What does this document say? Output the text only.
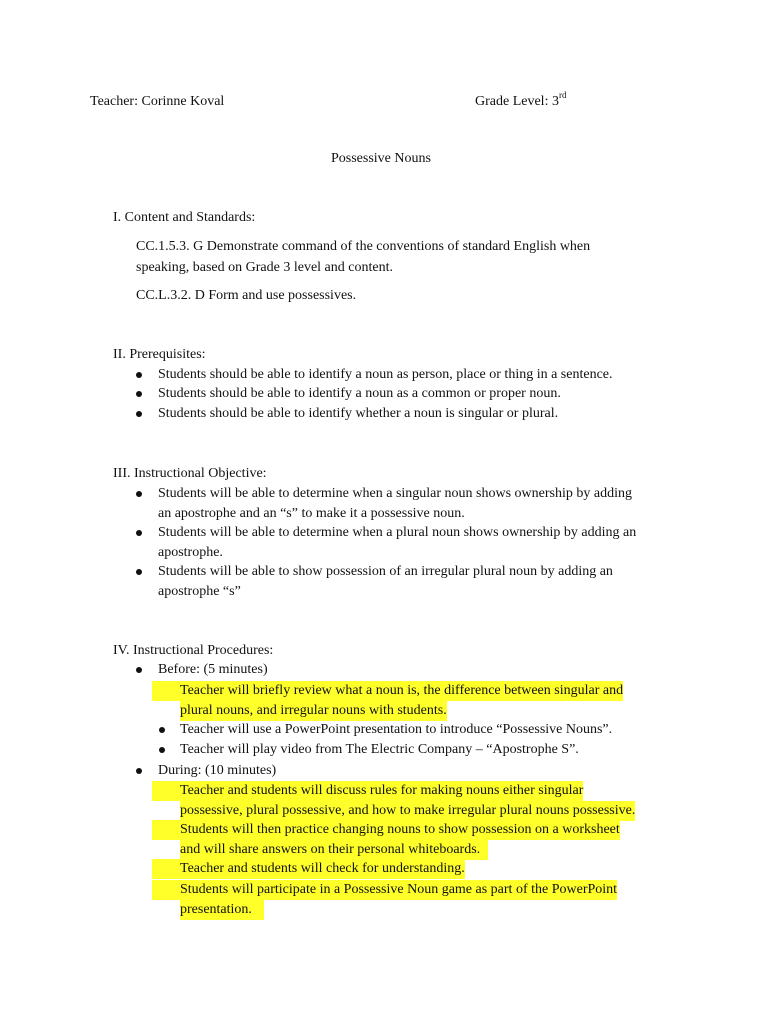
Teacher: Corinne Koval	Grade Level: 3rd
Possessive Nouns
I. Content and Standards:
CC.1.5.3. G Demonstrate command of the conventions of standard English when
speaking, based on Grade 3 level and content.
CC.L.3.2. D Form and use possessives.
II. Prerequisites:
Students should be able to identify a noun as person, place or thing in a sentence.
Students should be able to identify a noun as a common or proper noun.
Students should be able to identify whether a noun is singular or plural.
III. Instructional Objective:
Students will be able to determine when a singular noun shows ownership by adding
an apostrophe and an “s” to make it a possessive noun.
Students will be able to determine when a plural noun shows ownership by adding an
apostrophe.
Students will be able to show possession of an irregular plural noun by adding an
apostrophe “s”
IV. Instructional Procedures:
Before: (5 minutes)
Teacher will briefly review what a noun is, the difference between singular and
plural nouns, and irregular nouns with students.
Teacher will use a PowerPoint presentation to introduce “Possessive Nouns”.
Teacher will play video from The Electric Company – “Apostrophe S”.
During: (10 minutes)
Teacher and students will discuss rules for making nouns either singular
possessive, plural possessive, and how to make irregular plural nouns possessive.
Students will then practice changing nouns to show possession on a worksheet
and will share answers on their personal whiteboards.
Teacher and students will check for understanding.
Students will participate in a Possessive Noun game as part of the PowerPoint
presentation.
